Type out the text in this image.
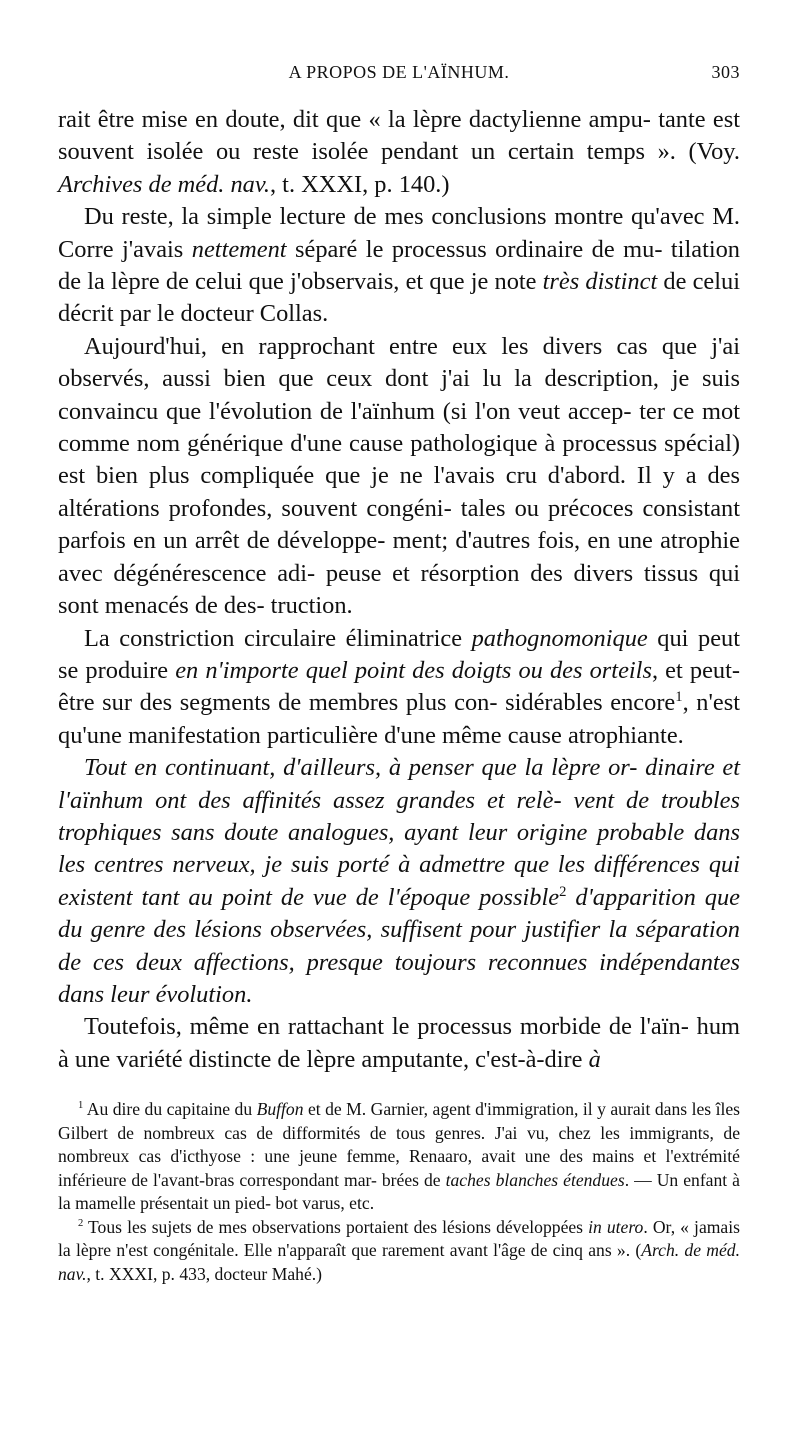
A PROPOS DE L'AÏNHUM.	303

rait être mise en doute, dit que « la lèpre dactylienne ampu- tante est souvent isolée ou reste isolée pendant un certain temps ». (Voy. Archives de méd. nav., t. XXXI, p. 140.)

Du reste, la simple lecture de mes conclusions montre qu'avec M. Corre j'avais nettement séparé le processus ordinaire de mu- tilation de la lèpre de celui que j'observais, et que je note très distinct de celui décrit par le docteur Collas.

Aujourd'hui, en rapprochant entre eux les divers cas que j'ai observés, aussi bien que ceux dont j'ai lu la description, je suis convaincu que l'évolution de l'aïnhum (si l'on veut accep- ter ce mot comme nom générique d'une cause pathologique à processus spécial) est bien plus compliquée que je ne l'avais cru d'abord. Il y a des altérations profondes, souvent congéni- tales ou précoces consistant parfois en un arrêt de développe- ment; d'autres fois, en une atrophie avec dégénérescence adi- peuse et résorption des divers tissus qui sont menacés de des- truction.

La constriction circulaire éliminatrice pathognomonique qui peut se produire en n'importe quel point des doigts ou des orteils, et peut-être sur des segments de membres plus con- sidérables encore$^1$, n'est qu'une manifestation particulière d'une même cause atrophiante.

Tout en continuant, d'ailleurs, à penser que la lèpre or- dinaire et l'aïnhum ont des affinités assez grandes et relè- vent de troubles trophiques sans doute analogues, ayant leur origine probable dans les centres nerveux, je suis porté à admettre que les différences qui existent tant au point de vue de l'époque possible$^2$ d'apparition que du genre des lésions observées, suffisent pour justifier la séparation de ces deux affections, presque toujours reconnues indépendantes dans leur évolution.

Toutefois, même en rattachant le processus morbide de l'aïn- hum à une variété distincte de lèpre amputante, c'est-à-dire à

$^1$ Au dire du capitaine du Buffon et de M. Garnier, agent d'immigration, il y aurait dans les îles Gilbert de nombreux cas de difformités de tous genres. J'ai vu, chez les immigrants, de nombreux cas d'icthyose : une jeune femme, Renaaro, avait une des mains et l'extrémité inférieure de l'avant-bras correspondant mar- brées de taches blanches étendues. — Un enfant à la mamelle présentait un pied- bot varus, etc.

$^2$ Tous les sujets de mes observations portaient des lésions développées in utero. Or, « jamais la lèpre n'est congénitale. Elle n'apparaît que rarement avant l'âge de cinq ans ». (Arch. de méd. nav., t. XXXI, p. 433, docteur Mahé.)
